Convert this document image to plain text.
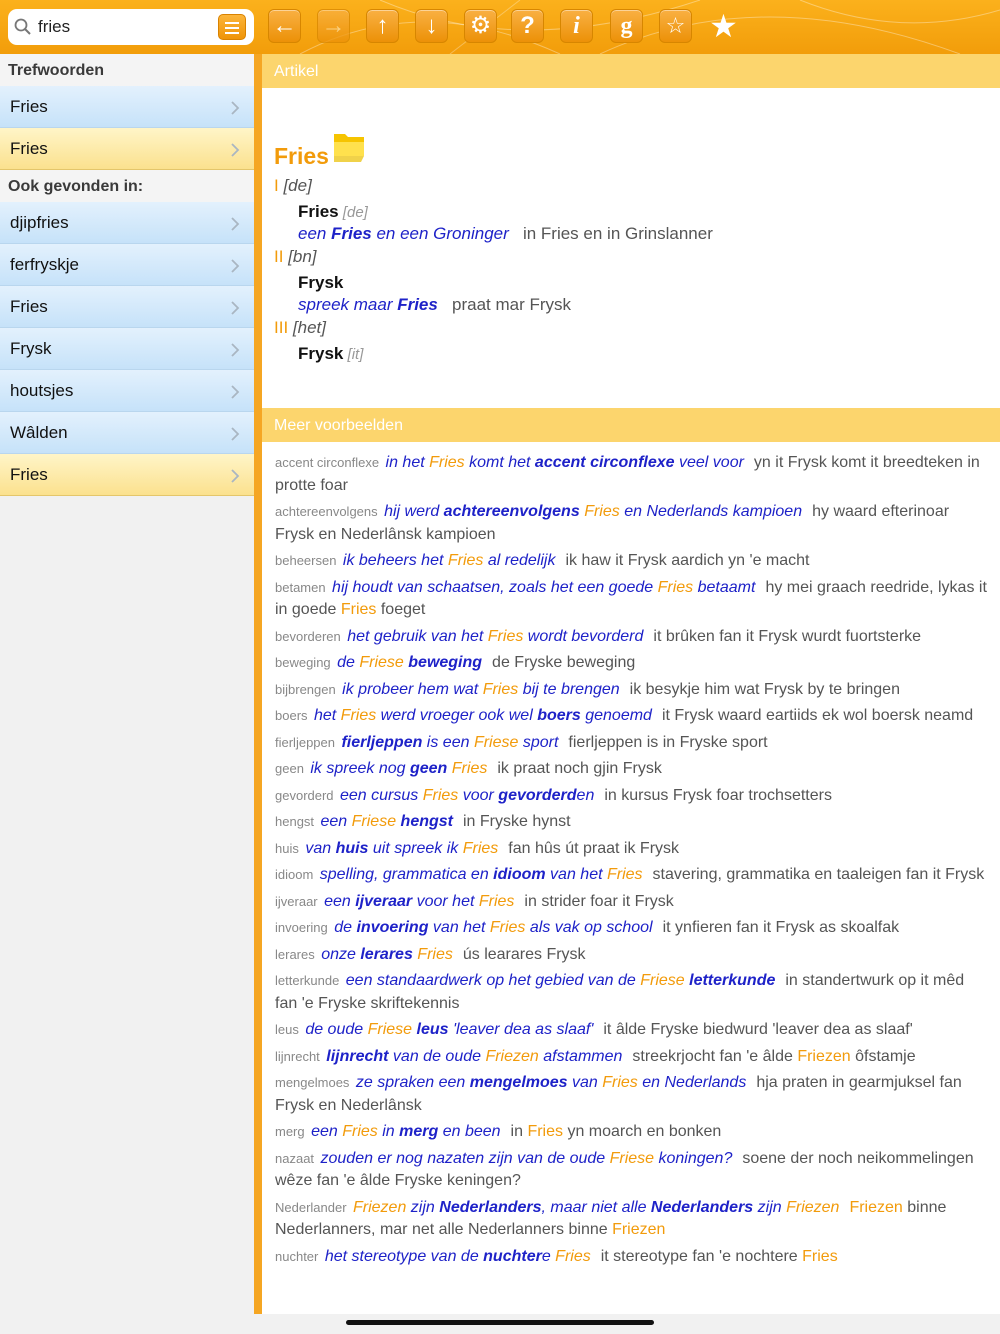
fries
← → ↑ ↓ ⚙ ? i g ☆ ★
Trefwoorden
Fries
Fries
Ook gevonden in:
djipfries
ferfryskje
Fries
Frysk
houtsjes
Wâlden
Fries
Artikel
Fries
I [de]
Fries [de]
een Fries en een Groninger   in Fries en in Grinslanner
II [bn]
Frysk
spreek maar Fries   praat mar Frysk
III [het]
Frysk [it]
Meer voorbeelden
accent circonflexe in het Fries komt het accent circonflexe veel voor yn it Frysk komt it breedteken in protte foar
achtereenvolgens hij werd achtereenvolgens Fries en Nederlands kampioen hy waard efterinoar Frysk en Nederlânsk kampioen
beheersen ik beheers het Fries al redelijk ik haw it Frysk aardich yn 'e macht
betamen hij houdt van schaatsen, zoals het een goede Fries betaamt hy mei graach reedride, lykas it in goede Fries foeget
bevorderen het gebruik van het Fries wordt bevorderd it brûken fan it Frysk wurdt fuortsterke
beweging de Friese beweging de Fryske beweging
bijbrengen ik probeer hem wat Fries bij te brengen ik besykje him wat Frysk by te bringen
boers het Fries werd vroeger ook wel boers genoemd it Frysk waard eartiids ek wol boersk neamd
fierljeppen fierljeppen is een Friese sport fierljeppen is in Fryske sport
geen ik spreek nog geen Fries ik praat noch gjin Frysk
gevorderd een cursus Fries voor gevorderden in kursus Frysk foar trochsetters
hengst een Friese hengst in Fryske hynst
huis van huis uit spreek ik Fries fan hûs út praat ik Frysk
idioom spelling, grammatica en idioom van het Fries stavering, grammatika en taaleigen fan it Frysk
ijveraar een ijveraar voor het Fries in strider foar it Frysk
invoering de invoering van het Fries als vak op school it ynfieren fan it Frysk as skoalfak
lerares onze lerares Fries ús learares Frysk
letterkunde een standaardwerk op het gebied van de Friese letterkunde in standertwurk op it mêd fan 'e Fryske skriftekennis
leus de oude Friese leus 'leaver dea as slaaf' it âlde Fryske biedwurd 'leaver dea as slaaf'
lijnrecht lijnrecht van de oude Friezen afstammen streekrjocht fan 'e âlde Friezen ôfstamje
mengelmoes ze spraken een mengelmoes van Fries en Nederlands hja praten in gearmjuksel fan Frysk en Nederlânsk
merg een Fries in merg en been in Fries yn moarch en bonken
nazaat zouden er nog nazaten zijn van de oude Friese koningen? soene der noch neikommelingen wêze fan 'e âlde Fryske keningen?
Nederlander Friezen zijn Nederlanders, maar niet alle Nederlanders zijn Friezen Friezen binne Nederlanners, mar net alle Nederlanners binne Friezen
nuchter het stereotype van de nuchtere Fries it stereotype fan 'e nochtere Fries
